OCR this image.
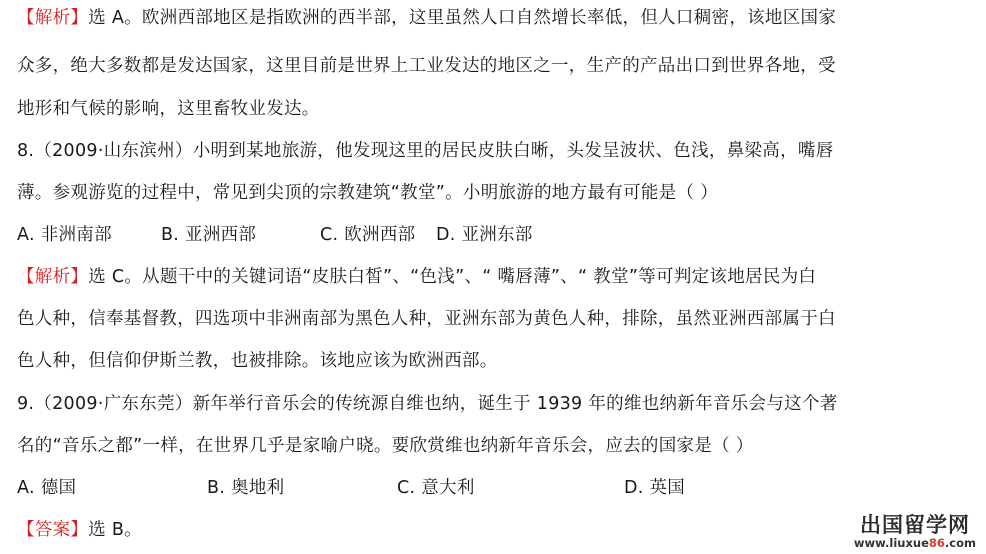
【解析】选 A。欧洲西部地区是指欧洲的西半部，这里虽然人口自然增长率低，但人口稠密，该地区国家
众多，绝大多数都是发达国家，这里目前是世界上工业发达的地区之一，生产的产品出口到世界各地，受
地形和气候的影响，这里畜牧业发达。
8.（2009·山东滨州）小明到某地旅游，他发现这里的居民皮肤白晰，头发呈波状、色浅，鼻梁高，嘴唇
薄。参观游览的过程中，常见到尖顶的宗教建筑“教堂”。小明旅游的地方最有可能是（ ）
A. 非洲南部	B. 亚洲西部	C. 欧洲西部 D. 亚洲东部
【解析】选 C。从题干中的关键词语“皮肤白皙”、“色浅”、“ 嘴唇薄”、“ 教堂”等可判定该地居民为白
色人种，信奉基督教，四选项中非洲南部为黑色人种，亚洲东部为黄色人种，排除，虽然亚洲西部属于白
色人种，但信仰伊斯兰教，也被排除。该地应该为欧洲西部。
9.（2009·广东东莞）新年举行音乐会的传统源自维也纳，诞生于 1939 年的维也纳新年音乐会与这个著
名的“音乐之都”一样，在世界几乎是家喻户晓。要欣赏维也纳新年音乐会，应去的国家是（ ）
A. 德国	B. 奥地利	C. 意大利	D. 英国
【答案】选 B。	出国留学网
www.liuxue86.com
